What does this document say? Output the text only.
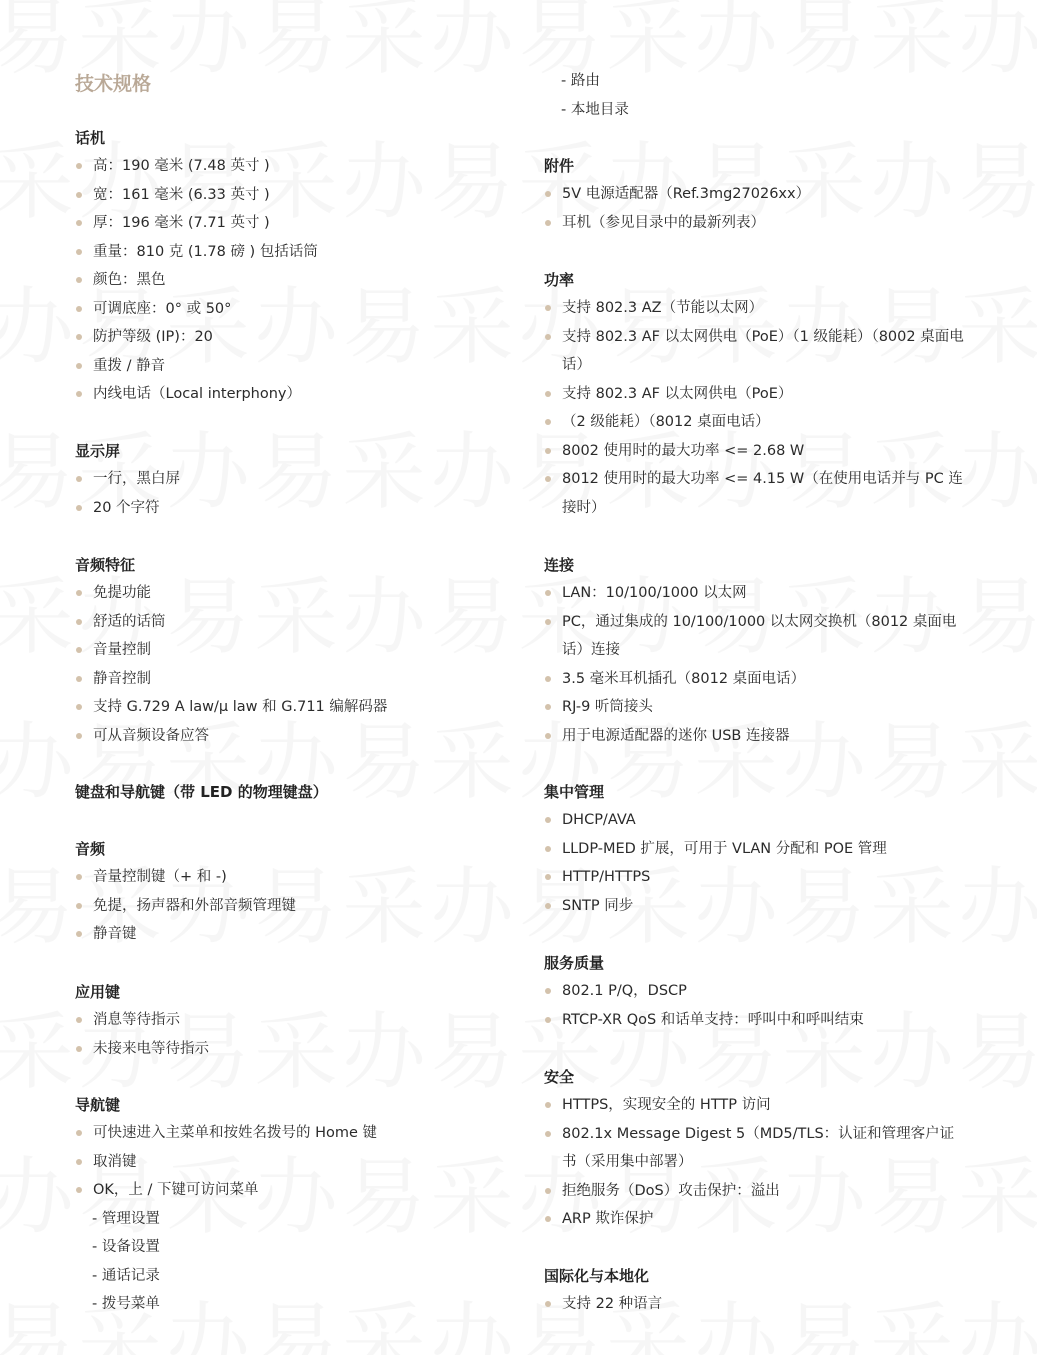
技术规格
话机
高：190 毫米 (7.48 英寸 )
宽：161 毫米 (6.33 英寸 )
厚：196 毫米 (7.71 英寸 )
重量：810 克 (1.78 磅 ) 包括话筒
颜色：黑色
可调底座：0° 或 50°
防护等级 (IP)：20
重拨 / 静音
内线电话（Local interphony）
显示屏
一行，黑白屏
20 个字符
音频特征
免提功能
舒适的话筒
音量控制
静音控制
支持 G.729 A law/μ law 和 G.711 编解码器
可从音频设备应答
键盘和导航键（带 LED 的物理键盘）
音频
音量控制键（+ 和 -)
免提，扬声器和外部音频管理键
静音键
应用键
消息等待指示
未接来电等待指示
导航键
可快速进入主菜单和按姓名拨号的 Home 键
取消键
OK，上 / 下键可访问菜单
- 管理设置
- 设备设置
- 通话记录
- 拨号菜单
- 路由
- 本地目录
附件
5V 电源适配器（Ref.3mg27026xx）
耳机（参见目录中的最新列表）
功率
支持 802.3 AZ（节能以太网）
支持 802.3 AF 以太网供电（PoE）（1 级能耗）（8002 桌面电话）
支持 802.3 AF 以太网供电（PoE）
（2 级能耗）（8012 桌面电话）
8002 使用时的最大功率 <= 2.68 W
8012 使用时的最大功率 <= 4.15 W（在使用电话并与 PC 连接时）
连接
LAN：10/100/1000 以太网
PC，通过集成的 10/100/1000 以太网交换机（8012 桌面电话）连接
3.5 毫米耳机插孔（8012 桌面电话）
RJ-9 听筒接头
用于电源适配器的迷你 USB 连接器
集中管理
DHCP/AVA
LLDP-MED 扩展，可用于 VLAN 分配和 POE 管理
HTTP/HTTPS
SNTP 同步
服务质量
802.1 P/Q，DSCP
RTCP-XR QoS 和话单支持：呼叫中和呼叫结束
安全
HTTPS，实现安全的 HTTP 访问
802.1x Message Digest 5（MD5/TLS：认证和管理客户证书（采用集中部署）
拒绝服务（DoS）攻击保护：溢出
ARP 欺诈保护
国际化与本地化
支持 22 种语言
